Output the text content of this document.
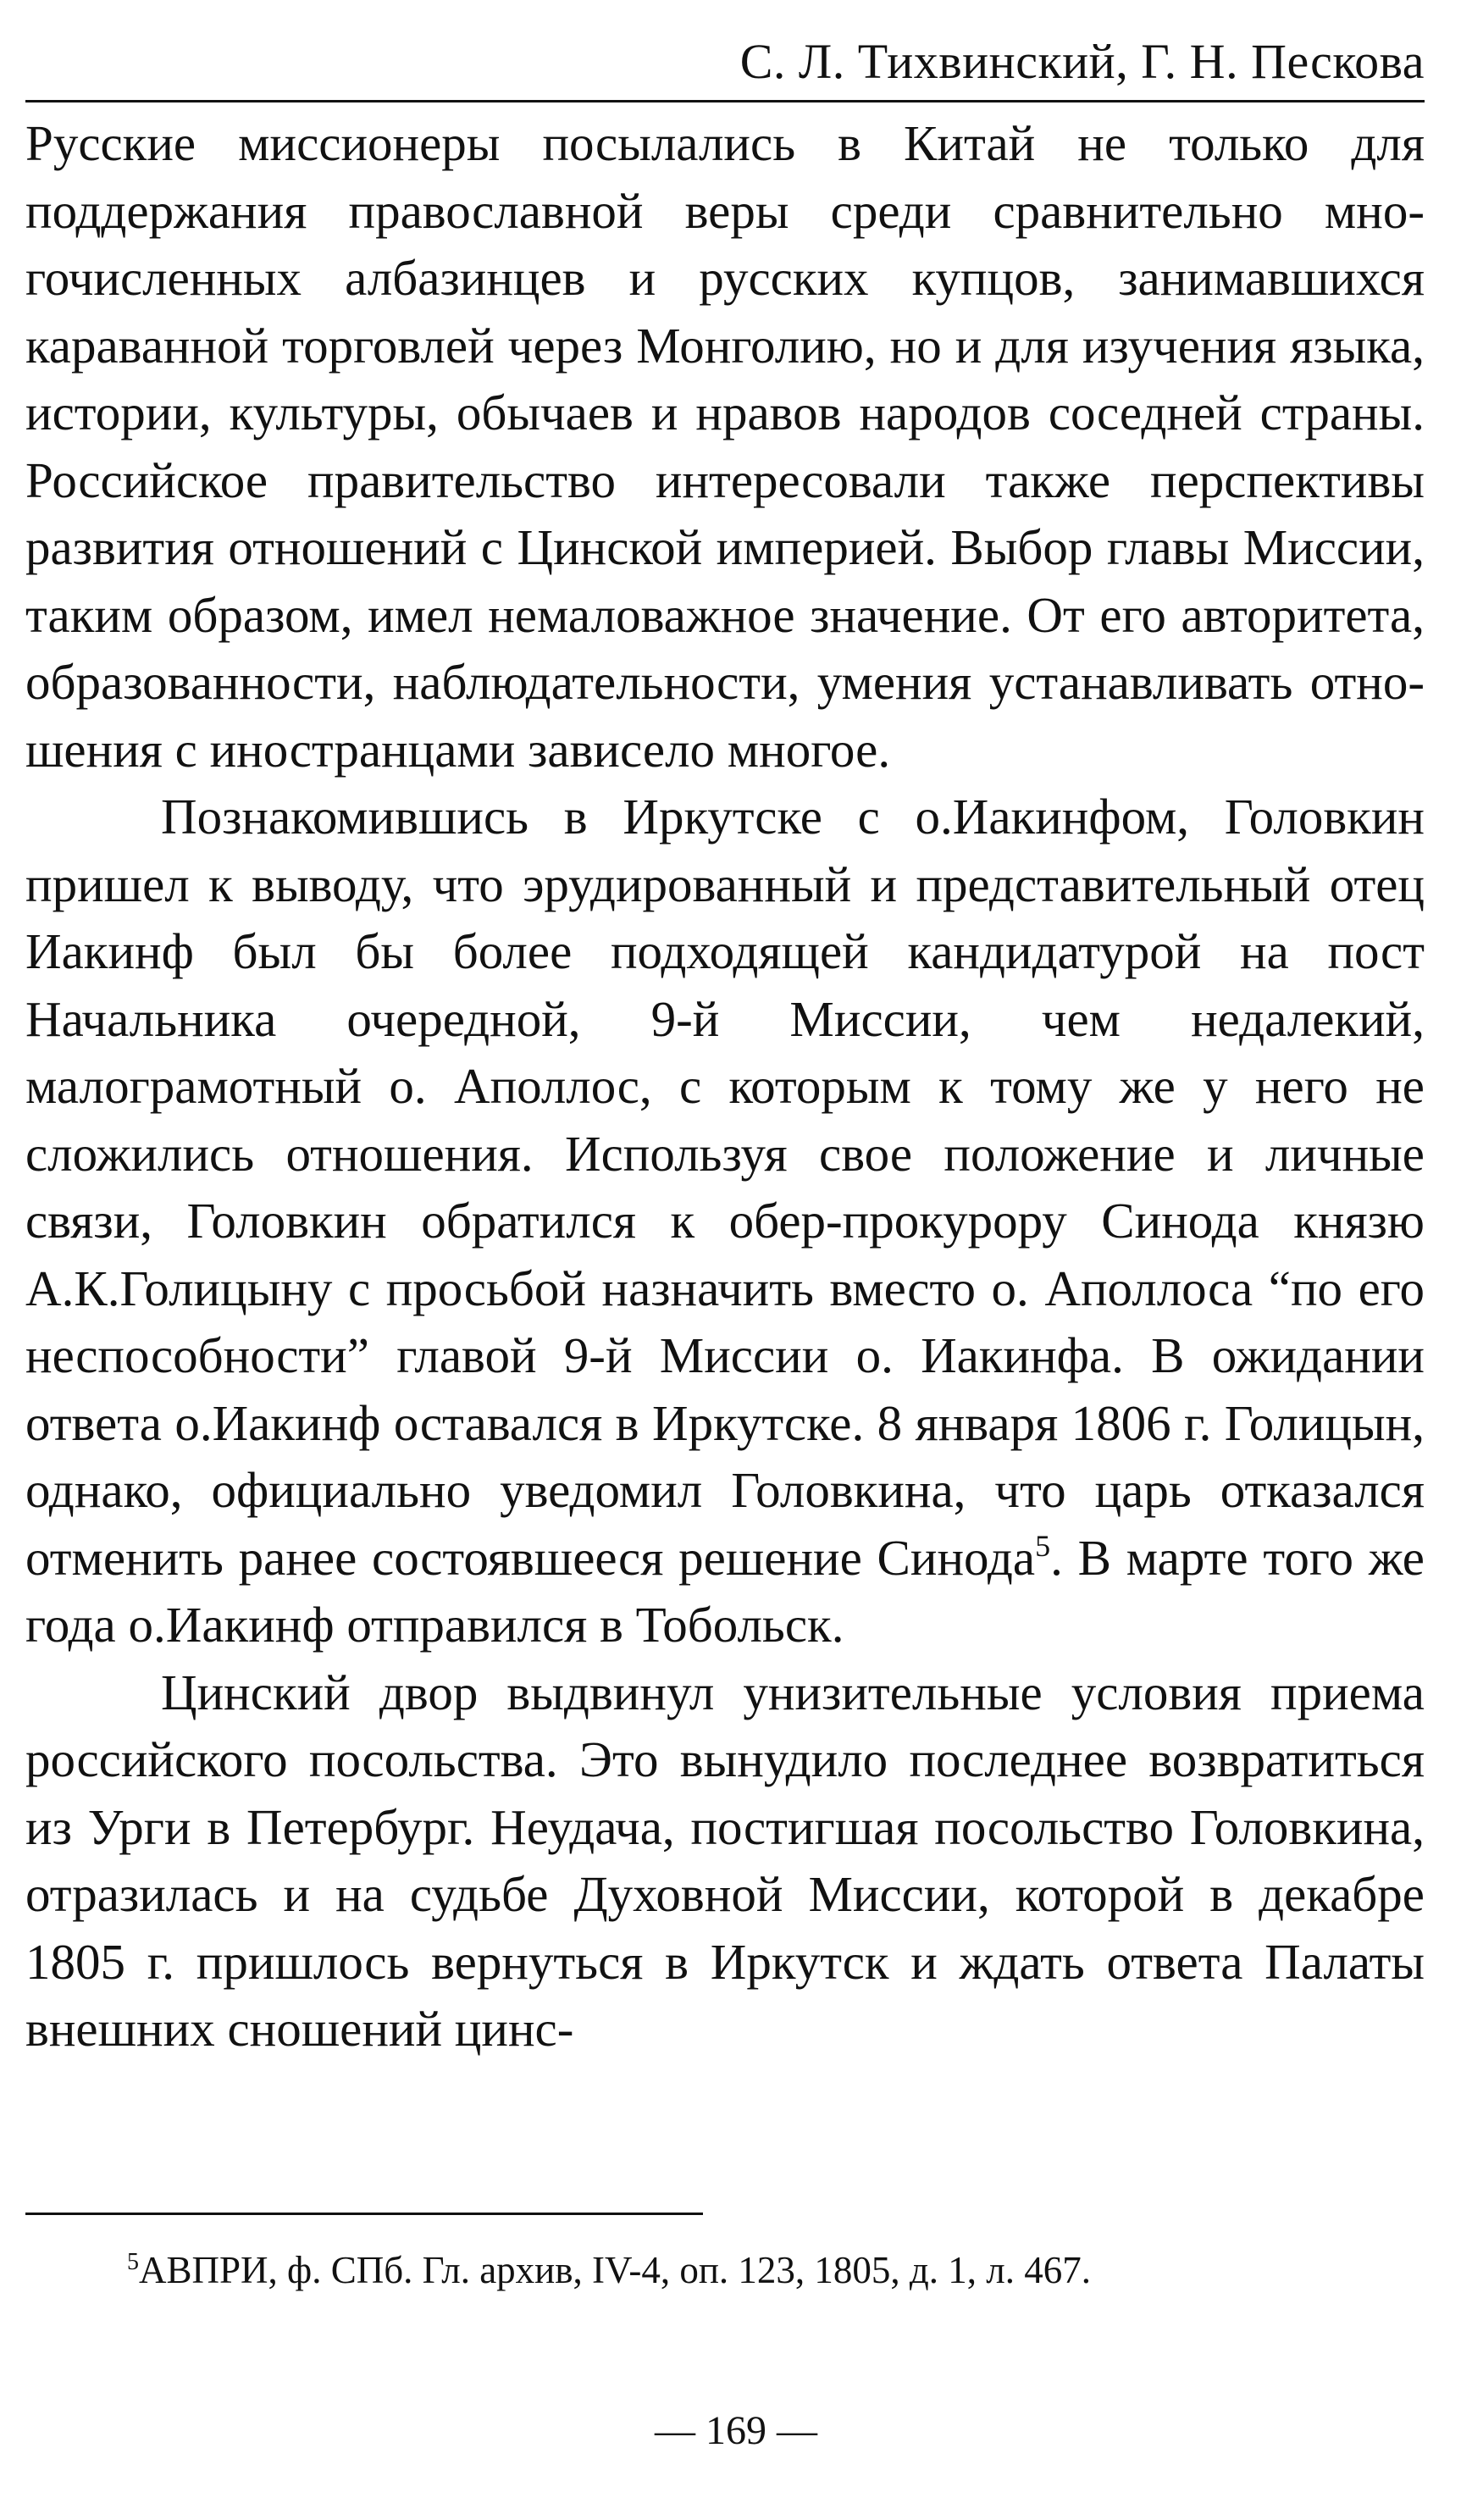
С. Л. Тихвинский, Г. Н. Пескова

Русские миссионеры посылались в Китай не только для поддержания православной веры среди сравнительно многочисленных албазинцев и русских купцов, занимавшихся караванной торговлей через Монголию, но и для изучения языка, истории, культуры, обычаев и нравов народов соседней страны. Российское правительство интересовали также перспективы развития отношений с Цинской империей. Выбор главы Миссии, таким образом, имел немаловажное значение. От его авторитета, образованности, наблюдательности, умения устанавливать отношения с иностранцами зависело многое.

Познакомившись в Иркутске с о.Иакинфом, Головкин пришел к выводу, что эрудированный и представительный отец Иакинф был бы более подходящей кандидатурой на пост Начальника очередной, 9-й Миссии, чем недалекий, малограмотный о. Аполлос, с которым к тому же у него не сложились отношения. Используя свое положение и личные связи, Головкин обратился к обер-прокурору Синода князю А.К.Голицыну с просьбой назначить вместо о. Аполлоса “по его неспособности” главой 9-й Миссии о. Иакинфа. В ожидании ответа о.Иакинф оставался в Иркутске. 8 января 1806 г. Голицын, однако, официально уведомил Головкина, что царь отказался отменить ранее состоявшееся решение Синода$^5$. В марте того же года о.Иакинф отправился в Тобольск.

Цинский двор выдвинул унизительные условия приема российского посольства. Это вынудило последнее возвратиться из Урги в Петербург. Неудача, постигшая посольство Головкина, отразилась и на судьбе Духовной Миссии, которой в декабре 1805 г. пришлось вернуться в Иркутск и ждать ответа Палаты внешних сношений цинс-

$^5$АВПРИ, ф. СПб. Гл. архив, IV-4, оп. 123, 1805, д. 1, л. 467.
— 169 —
